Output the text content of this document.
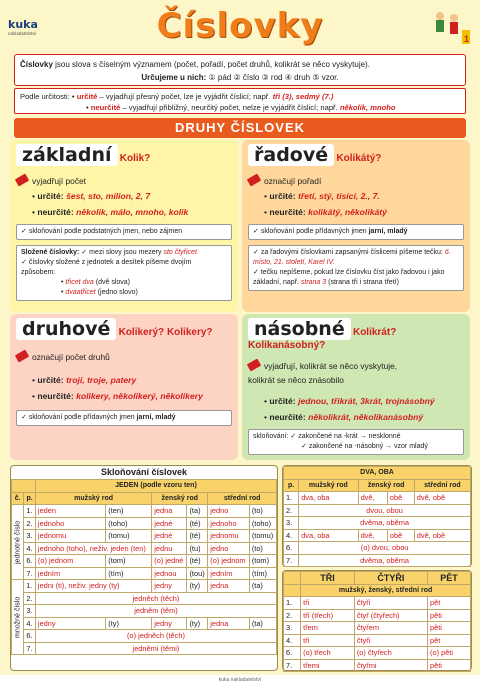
kuka
nakladatelství	Číslovky	1
Číslovky jsou slova s číselným významem (počet, pořadí, počet druhů, kolikrát se něco vyskytuje).
Určujeme u nich: ① pád ② číslo ③ rod ④ druh ⑤ vzor.
Podle určitosti: • určité – vyjadřují přesný počet, lze je vyjádřit číslicí; např. tři (3), sedmý (7.)
• neurčité – vyjadřují přibližný, neurčitý počet, nelze je vyjádřit číslicí; např. několik, mnoho
DRUHY ČÍSLOVEK
základní Kolik?
vyjadřují počet
• určité: šest, sto, milion, 2, 7
• neurčité: několik, málo, mnoho, kolik
✓ skloňování podle podstatných jmen, nebo zájmen
Složené číslovky: ✓ mezi slovy jsou mezery sto čtyřicet
✓ číslovky složené z jednotek a desítek píšeme dvojím způsobem:
• třicet dva (dvě slova)
• dvaatřicet (jedno slovo)
řadové Kolikátý?
označují pořadí
• určité: třetí, stý, tisící, 2., 7.
• neurčité: kolikátý, několikátý
✓ skloňování podle přídavných jmen jarní, mladý
✓ za řadovými číslovkami zapsanými číslicemi píšeme tečku: 6. místo, 21. století, Karel IV.
✓ tečku nepíšeme, pokud lze číslovku číst jako řadovou i jako základní, např. strana 3 (strana tři i strana třetí)
druhové Kolikerý? Kolikery?
označují počet druhů
• určité: trojí, troje, patery
• neurčité: kolikery, několikerý, několikery
✓ skloňování podle přídavných jmen jarní, mladý
násobné Kolikrát? Kolikanásobný?
vyjadřují, kolikrát se něco vyskytuje, kolikrát se něco znásobilo
• určité: jednou, třikrát, 3krát, trojnásobný
• neurčité: několikrát, několikanásobný
skloňování: ✓ zakončené na -krát → nesklonné
✓ zakončené na -násobný → vzor mladý
Skloňování číslovek
		JEDEN (podle vzoru ten)					
č.	p.	mužský rod		ženský rod		střední rod	
jednotné číslo	1.	jeden	(ten)	jedna	(ta)	jedno	(to)
	2.	jednoho	(toho)	jedné	(té)	jednoho	(toho)
	3.	jednomu	(tomu)	jedné	(té)	jednomu	(tomu)
	4.	jednoho (toho), neživ. jeden (ten)		jednu	(tu)	jedno	(to)
	6.	(o) jednom	(tom)	(o) jedné	(té)	(o) jednom	(tom)
	7.	jedním	(tím)	jednou	(tou)	jedním	(tím)
množné číslo	1.	jedni (ti), neživ. jedny (ty)		jedny	(ty)	jedna	(ta)
	2.	jedněch (těch)					
	3.	jedněm (těm)					
	4.	jedny	(ty)	jedny	(ty)	jedna	(ta)
	6.	(o) jedněch (těch)					
	7.	jedněmi (těmi)					
DVA, OBA				
p.	mužský rod	ženský rod		střední rod
1.	dva, oba	dvě,	obě	dvě, obě
2.	dvou, obou			
3.	dvěma, oběma			
4.	dva, oba	dvě,	obě	dvě, obě
6.	(o) dvou, obou			
7.	dvěma, oběma			
	TŘI	ČTYŘI	PĚT
	mužský, ženský, střední rod		
1.	tři	čtyři	pět
2.	tří (třech)	čtyř (čtyřech)	pěti
3.	třem	čtyřem	pěti
4.	tři	čtyři	pět
6.	(o) třech	(o) čtyřech	(o) pěti
7.	třemi	čtyřmi	pěti
kuka nakladatelství
